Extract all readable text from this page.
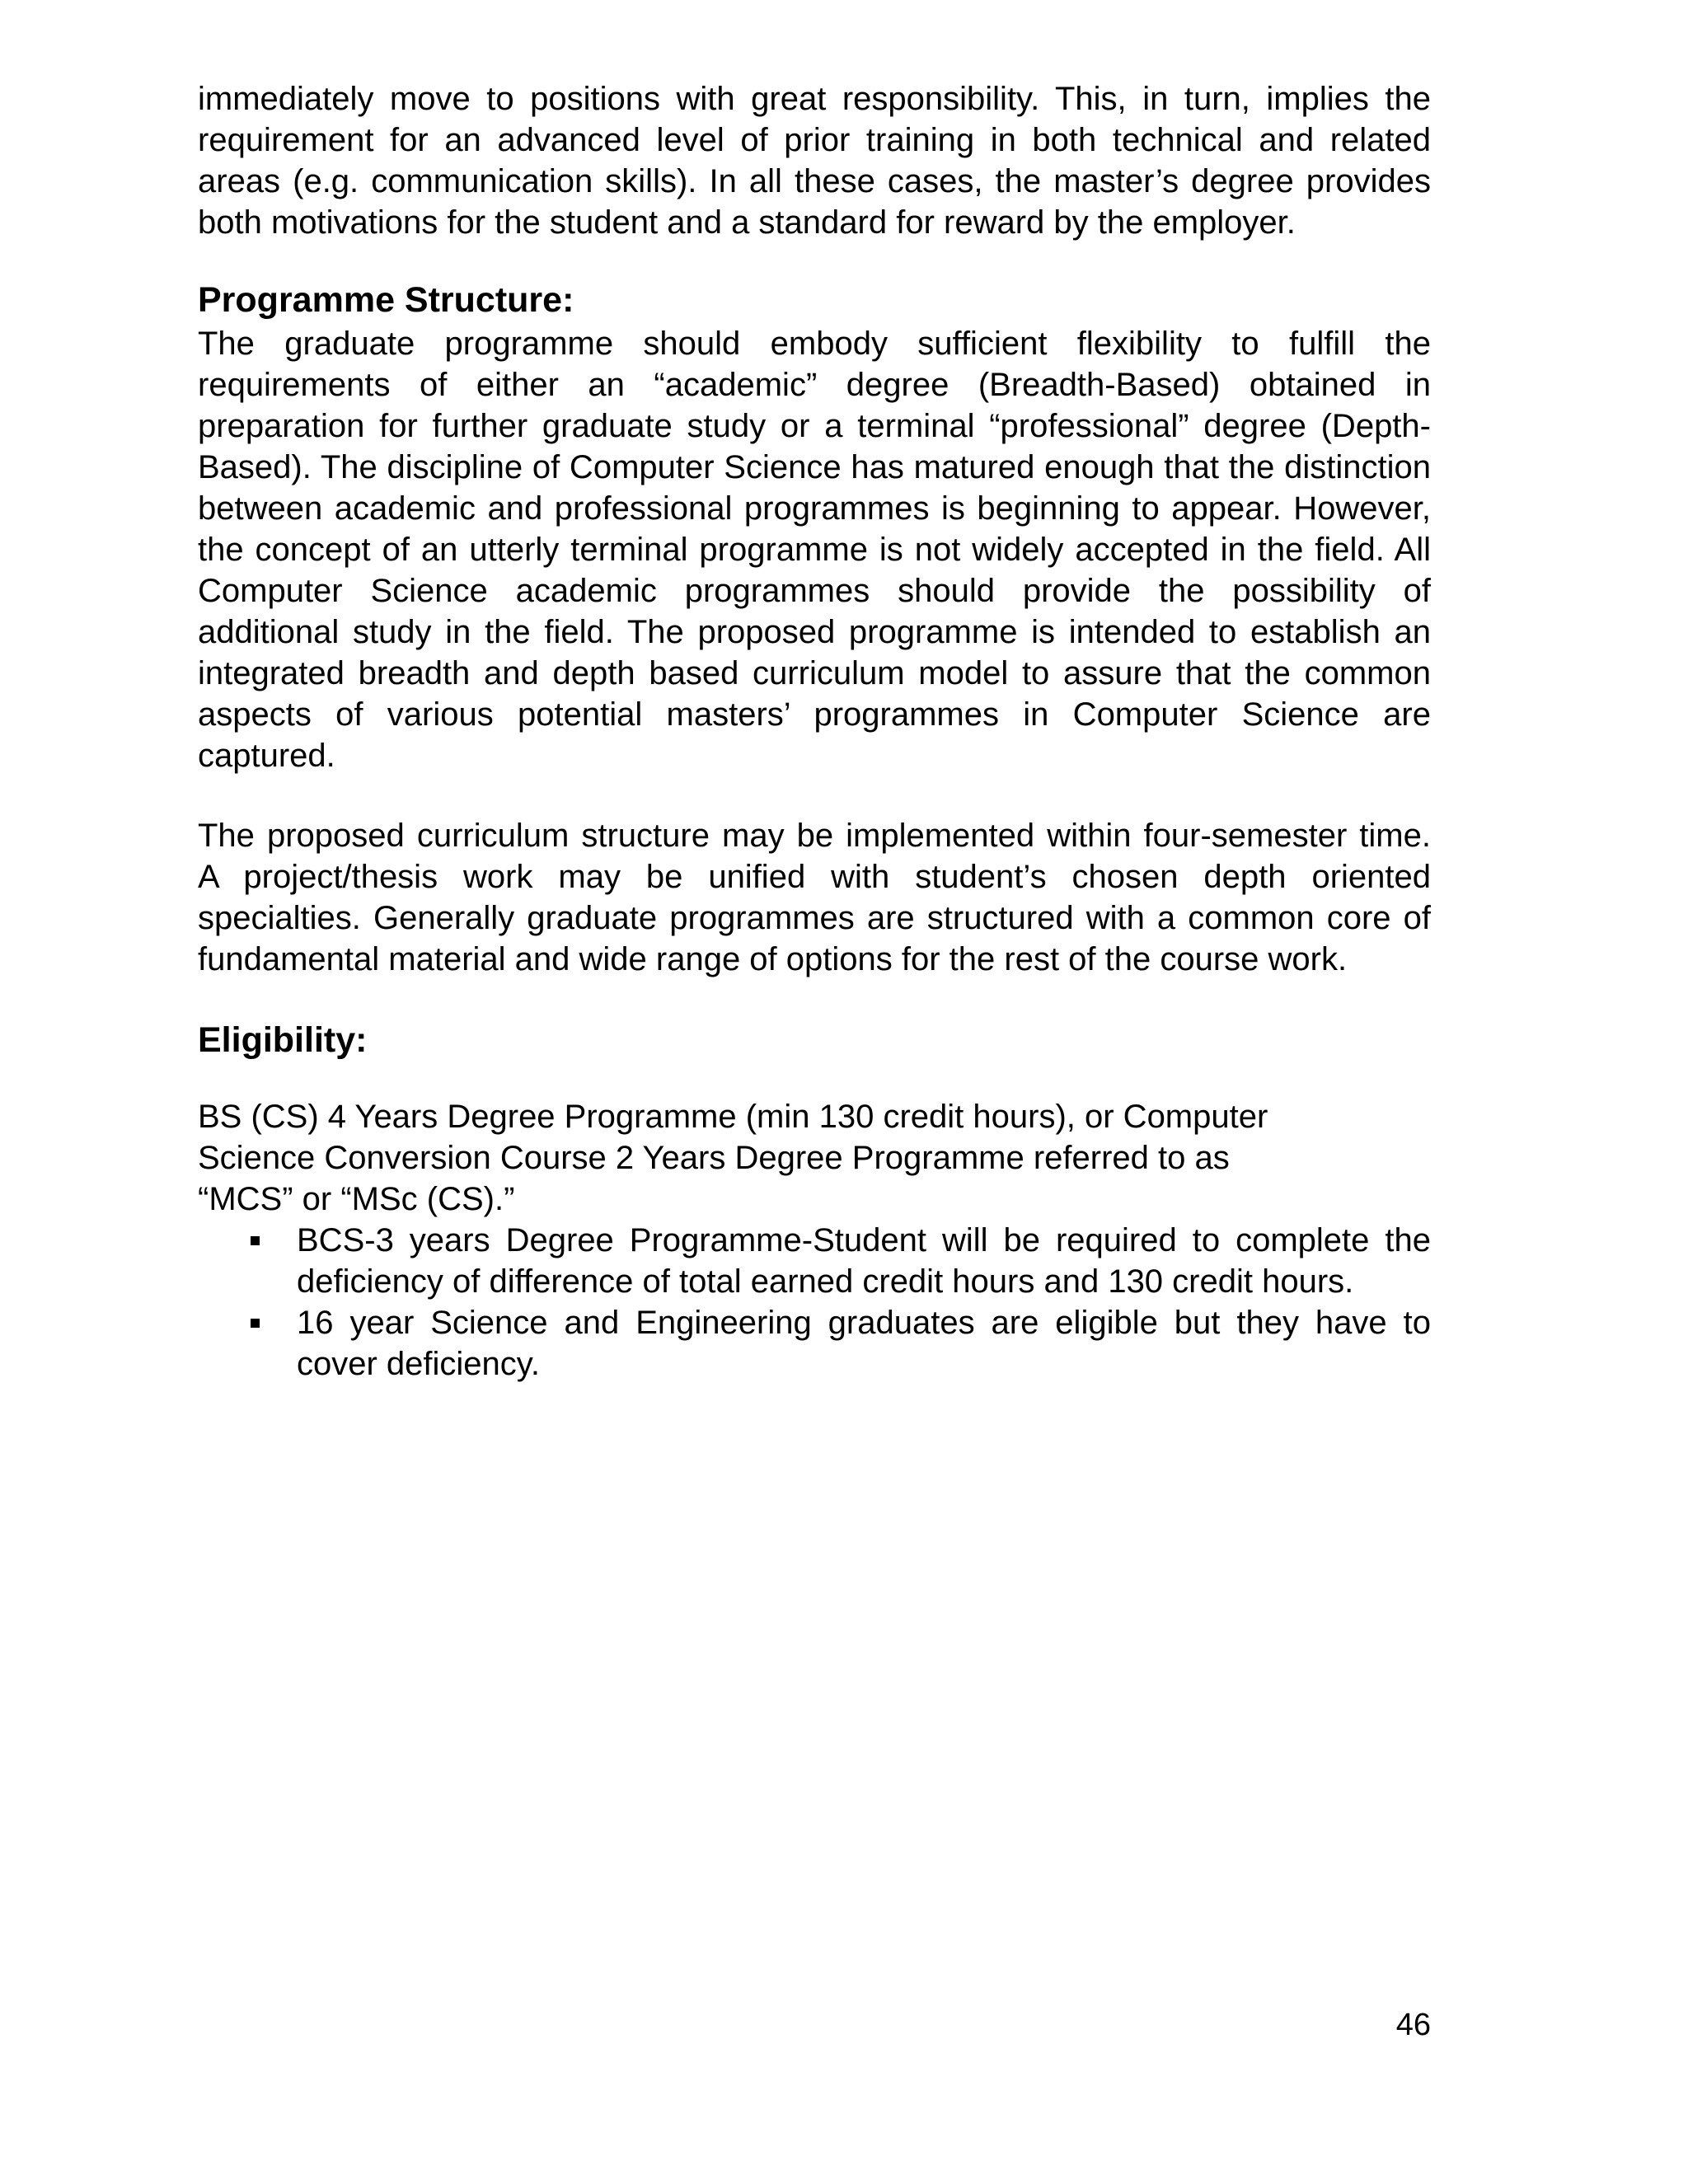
immediately move to positions with great responsibility. This, in turn, implies the requirement for an advanced level of prior training in both technical and related areas (e.g. communication skills). In all these cases, the master’s degree provides both motivations for the student and a standard for reward by the employer.

Programme Structure:

The graduate programme should embody sufficient flexibility to fulfill the requirements of either an “academic” degree (Breadth-Based) obtained in preparation for further graduate study or a terminal “professional” degree (Depth-Based). The discipline of Computer Science has matured enough that the distinction between academic and professional programmes is beginning to appear. However, the concept of an utterly terminal programme is not widely accepted in the field. All Computer Science academic programmes should provide the possibility of additional study in the field. The proposed programme is intended to establish an integrated breadth and depth based curriculum model to assure that the common aspects of various potential masters’ programmes in Computer Science are captured.

The proposed curriculum structure may be implemented within four-semester time. A project/thesis work may be unified with student’s chosen depth oriented specialties. Generally graduate programmes are structured with a common core of fundamental material and wide range of options for the rest of the course work.

Eligibility:

BS (CS) 4 Years Degree Programme (min 130 credit hours), or Computer
Science Conversion Course 2 Years Degree Programme referred to as
“MCS” or “MSc (CS).”

BCS-3 years Degree Programme-Student will be required to complete the deficiency of difference of total earned credit hours and 130 credit hours.
16 year Science and Engineering graduates are eligible but they have to cover deficiency.
46
